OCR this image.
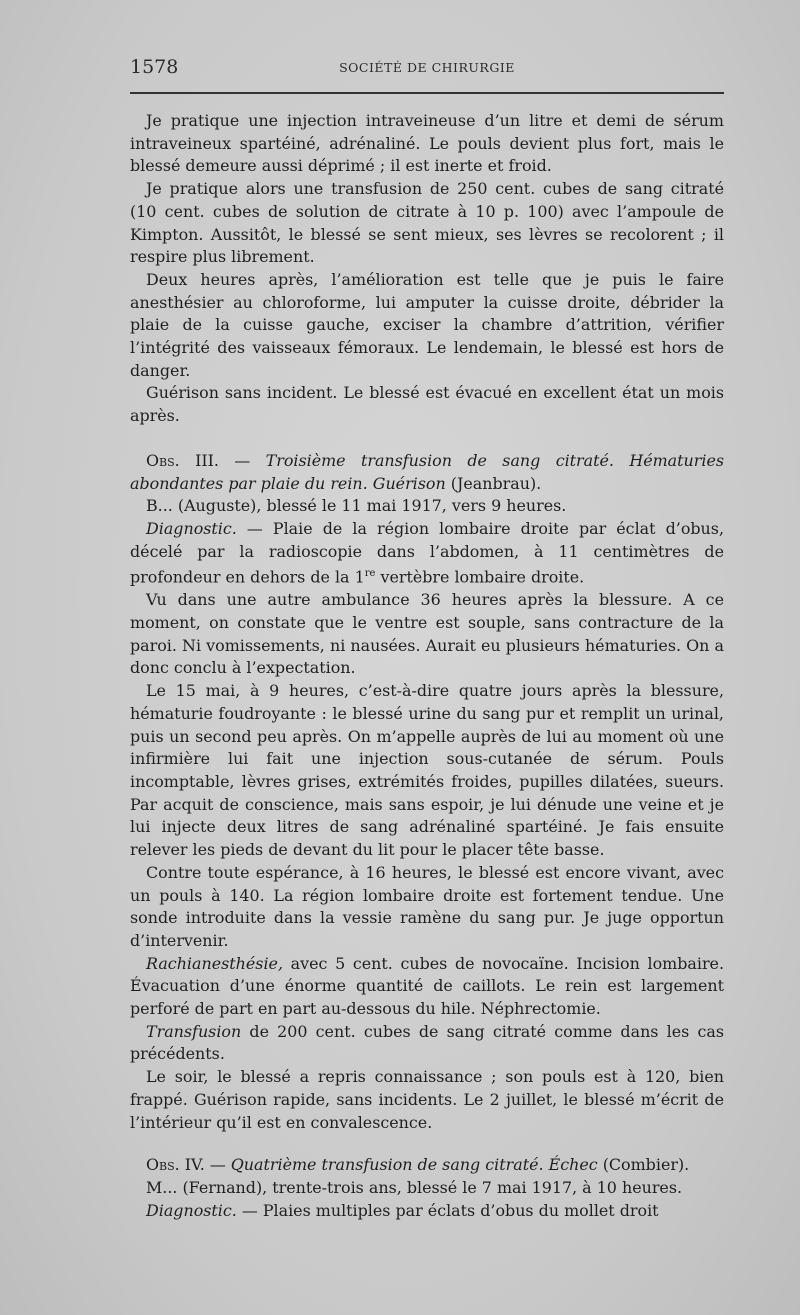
1578	SOCIÉTÉ DE CHIRURGIE

Je pratique une injection intraveineuse d’un litre et demi de sérum intraveineux spartéiné, adrénaliné. Le pouls devient plus fort, mais le blessé demeure aussi déprimé ; il est inerte et froid.

Je pratique alors une transfusion de 250 cent. cubes de sang citraté (10 cent. cubes de solution de citrate à 10 p. 100) avec l’ampoule de Kimpton. Aussitôt, le blessé se sent mieux, ses lèvres se recolorent ; il respire plus librement.

Deux heures après, l’amélioration est telle que je puis le faire anesthésier au chloroforme, lui amputer la cuisse droite, débrider la plaie de la cuisse gauche, exciser la chambre d’attrition, vérifier l’intégrité des vaisseaux fémoraux. Le lendemain, le blessé est hors de danger.

Guérison sans incident. Le blessé est évacué en excellent état un mois après.

Obs. III. — Troisième transfusion de sang citraté. Hématuries abondantes par plaie du rein. Guérison (Jeanbrau).

B... (Auguste), blessé le 11 mai 1917, vers 9 heures.

Diagnostic. — Plaie de la région lombaire droite par éclat d’obus, décelé par la radioscopie dans l’abdomen, à 11 centimètres de profondeur en dehors de la 1re vertèbre lombaire droite.

Vu dans une autre ambulance 36 heures après la blessure. A ce moment, on constate que le ventre est souple, sans contracture de la paroi. Ni vomissements, ni nausées. Aurait eu plusieurs hématuries. On a donc conclu à l’expectation.

Le 15 mai, à 9 heures, c’est-à-dire quatre jours après la blessure, hématurie foudroyante : le blessé urine du sang pur et remplit un urinal, puis un second peu après. On m’appelle auprès de lui au moment où une infirmière lui fait une injection sous-cutanée de sérum. Pouls incomptable, lèvres grises, extrémités froides, pupilles dilatées, sueurs. Par acquit de conscience, mais sans espoir, je lui dénude une veine et je lui injecte deux litres de sang adrénaliné spartéiné. Je fais ensuite relever les pieds de devant du lit pour le placer tête basse.

Contre toute espérance, à 16 heures, le blessé est encore vivant, avec un pouls à 140. La région lombaire droite est fortement tendue. Une sonde introduite dans la vessie ramène du sang pur. Je juge opportun d’intervenir.

Rachianesthésie, avec 5 cent. cubes de novocaïne. Incision lombaire. Évacuation d’une énorme quantité de caillots. Le rein est largement perforé de part en part au-dessous du hile. Néphrectomie.

Transfusion de 200 cent. cubes de sang citraté comme dans les cas précédents.

Le soir, le blessé a repris connaissance ; son pouls est à 120, bien frappé. Guérison rapide, sans incidents. Le 2 juillet, le blessé m’écrit de l’intérieur qu’il est en convalescence.

Obs. IV. — Quatrième transfusion de sang citraté. Échec (Combier).

M... (Fernand), trente-trois ans, blessé le 7 mai 1917, à 10 heures.

Diagnostic. — Plaies multiples par éclats d’obus du mollet droit
